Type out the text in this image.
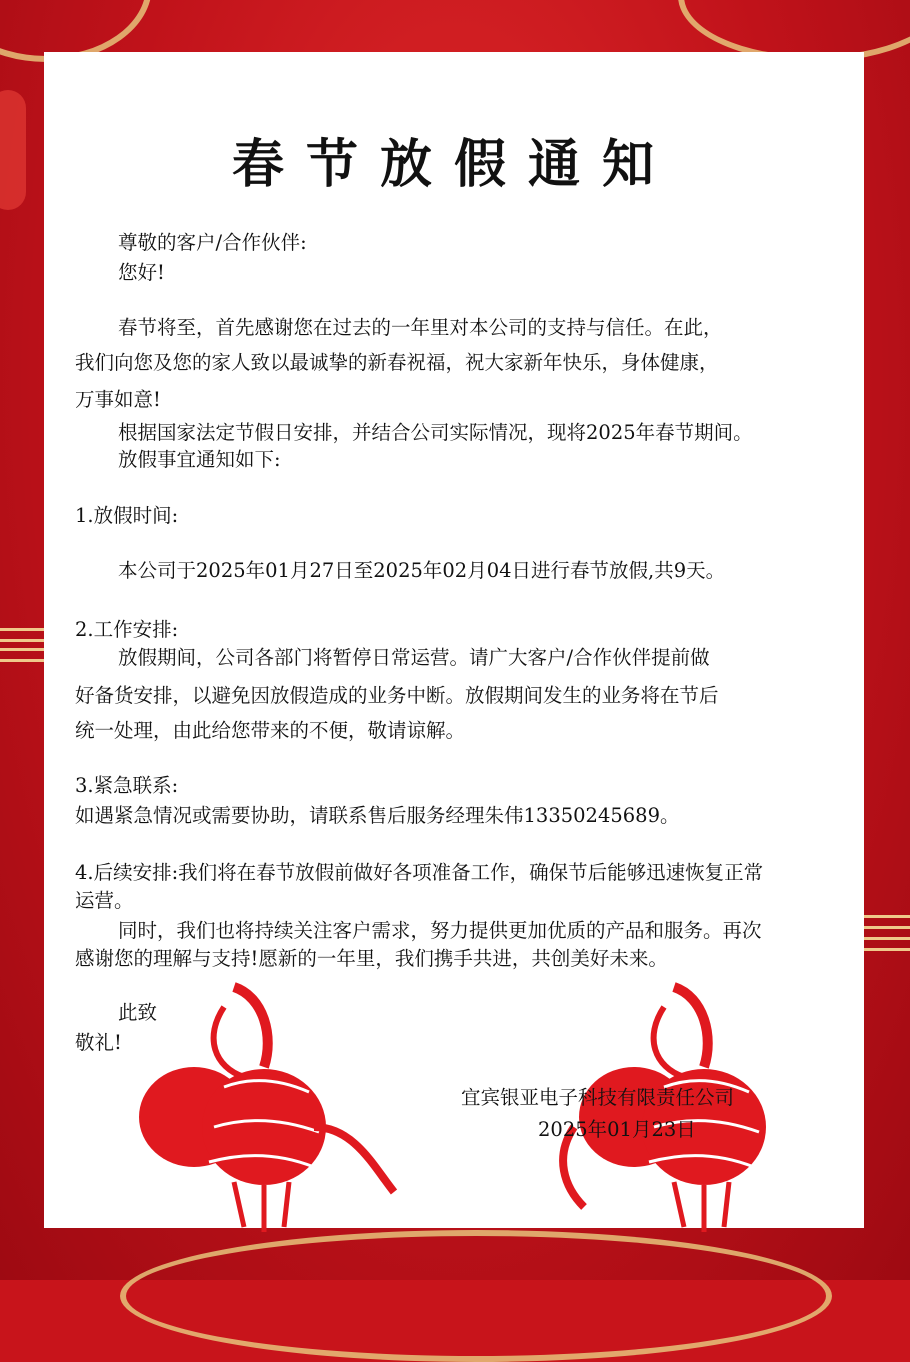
春节放假通知
尊敬的客户/合作伙伴:
您好!
春节将至，首先感谢您在过去的一年里对本公司的支持与信任。在此，
我们向您及您的家人致以最诚挚的新春祝福，祝大家新年快乐，身体健康，
万事如意!
根据国家法定节假日安排，并结合公司实际情况，现将2025年春节期间。
放假事宜通知如下:
1.放假时间:
本公司于2025年01月27日至2025年02月04日进行春节放假,共9天。
2.工作安排:
放假期间，公司各部门将暂停日常运营。请广大客户/合作伙伴提前做
好备货安排，以避免因放假造成的业务中断。放假期间发生的业务将在节后
统一处理，由此给您带来的不便，敬请谅解。
3.紧急联系:
如遇紧急情况或需要协助，请联系售后服务经理朱伟13350245689。
4.后续安排:我们将在春节放假前做好各项准备工作，确保节后能够迅速恢复正常
运营。
同时，我们也将持续关注客户需求，努力提供更加优质的产品和服务。再次
感谢您的理解与支持!愿新的一年里，我们携手共进，共创美好未来。
此致
敬礼!
宜宾银亚电子科技有限责任公司
2025年01月23日
